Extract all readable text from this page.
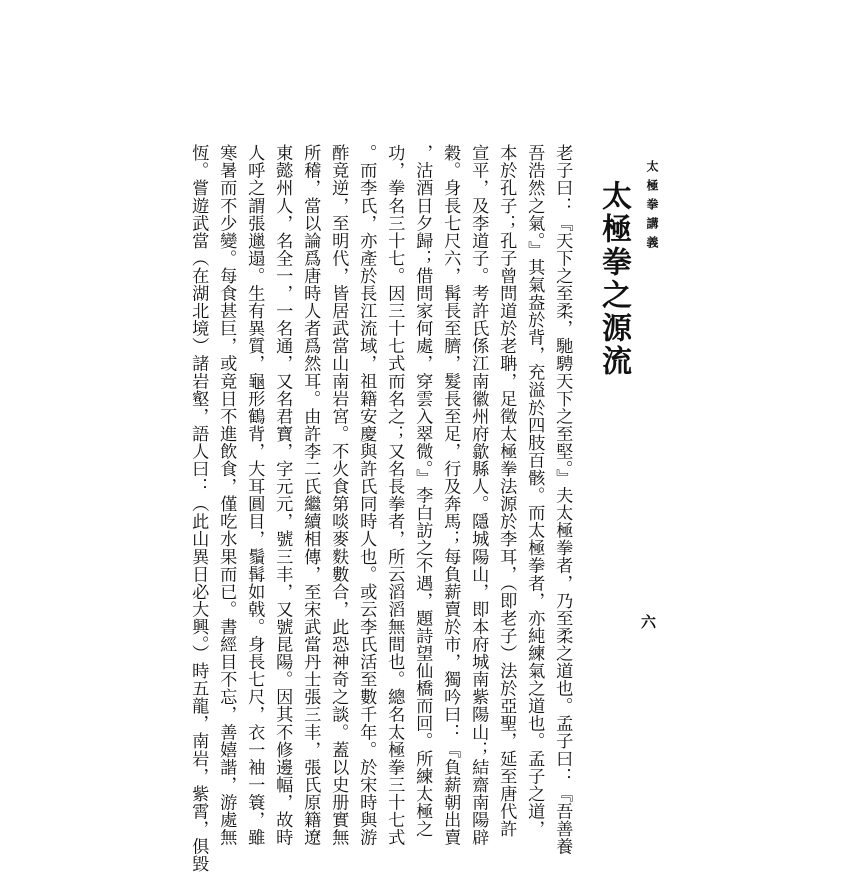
太極拳講義
太極拳之源流
六
老子曰：『天下之至柔，馳騁天下之至堅。』夫太極拳者，乃至柔之道也。孟子曰：『吾善養
吾浩然之氣。』其氣盎於背，充溢於四肢百骸。而太極拳者，亦純練氣之道也。孟子之道，
本於孔子；孔子曾問道於老聃，足徵太極拳法源於李耳，（即老子）法於亞聖，延至唐代許
宣平，及李道子。考許氏係江南徽州府歙縣人。隱城陽山，即本府城南紫陽山；結齋南陽辟
穀。身長七尺六，髯長至臍，髮長至足，行及奔馬；每負薪賣於市，獨吟曰：『負薪朝出賣
，沽酒日夕歸；借問家何處，穿雲入翠微。』李白訪之不遇，題詩望仙橋而回。所練太極之
功，拳名三十七。因三十七式而名之；又名長拳者，所云滔滔無間也。總名太極拳三十七式
。而李氏，亦產於長江流域，祖籍安慶與許氏同時人也。或云李氏活至數千年。於宋時與游
酢竟逆，至明代，皆居武當山南岩宮。不火食第啖麥麩數合，此恐神奇之談。蓋以史册實無
所稽，當以論爲唐時人者爲然耳。由許李二氏繼續相傳，至宋武當丹士張三丰，張氏原籍遼
東懿州人，名全一，一名通，又名君寶，字元元，號三丰，又號昆陽。因其不修邊幅，故時
人呼之謂張邋遢。生有異質，龜形鶴背，大耳圓目，鬚髯如戟。身長七尺，衣一袖一簑，雖
寒暑而不少變。每食甚巨，或竟日不進飲食，僅吃水果而已。書經目不忘，善嬉諧，游處無
恆。嘗遊武當（在湖北境）諸岩壑，語人曰：（此山異日必大興。）時五龍，南岩，紫霄，俱毀
